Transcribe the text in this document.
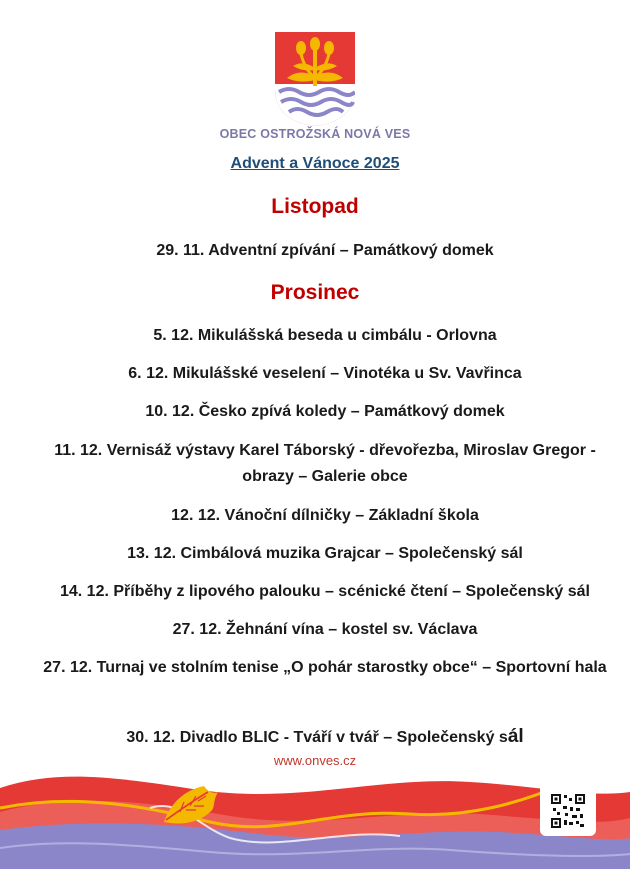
OBEC OSTROŽSKÁ NOVÁ VES
Advent a Vánoce 2025
Listopad
29. 11. Adventní zpívání – Památkový domek
Prosinec
5. 12. Mikulášská beseda u cimbálu - Orlovna
6. 12. Mikulášské veselení – Vinotéka u Sv. Vavřinca
10. 12. Česko zpívá koledy – Památkový domek
11. 12. Vernisáž výstavy Karel Táborský - dřevořezba, Miroslav Gregor - obrazy – Galerie obce
12. 12. Vánoční dílničky – Základní škola
13. 12. Cimbálová muzika Grajcar – Společenský sál
14. 12. Příběhy z lipového palouku – scénické čtení – Společenský sál
27. 12. Žehnání vína – kostel sv. Václava
27. 12. Turnaj ve stolním tenise „O pohár starostky obce“ – Sportovní hala
30. 12. Divadlo BLIC - Tváří v tvář – Společenský sál
www.onves.cz
